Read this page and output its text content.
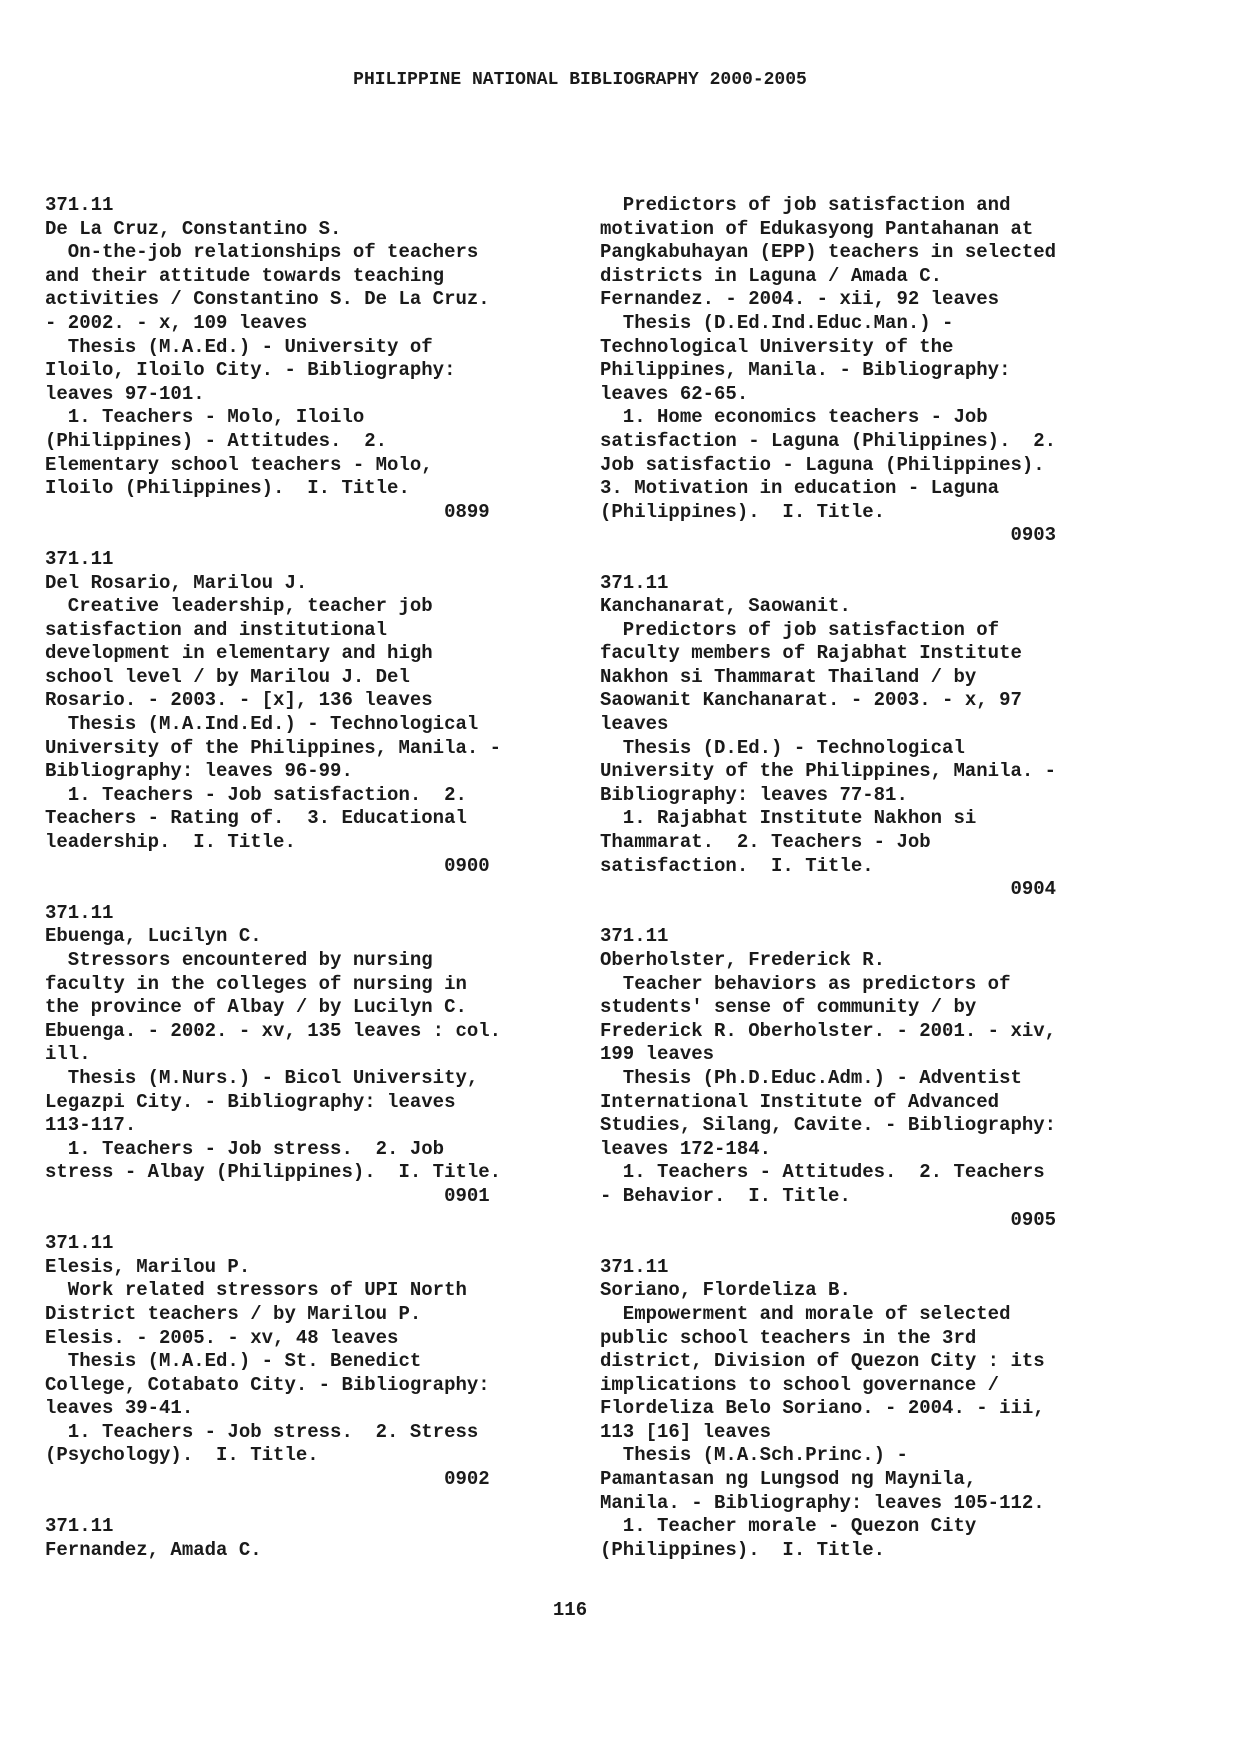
PHILIPPINE NATIONAL BIBLIOGRAPHY 2000-2005
371.11
De La Cruz, Constantino S.
On-the-job relationships of teachers
and their attitude towards teaching
activities / Constantino S. De La Cruz.
- 2002. - x, 109 leaves
Thesis (M.A.Ed.) - University of
Iloilo, Iloilo City. - Bibliography:
leaves 97-101.
1. Teachers - Molo, Iloilo
(Philippines) - Attitudes.  2.
Elementary school teachers - Molo,
Iloilo (Philippines).  I. Title.
0899
371.11
Del Rosario, Marilou J.
Creative leadership, teacher job
satisfaction and institutional
development in elementary and high
school level / by Marilou J. Del
Rosario. - 2003. - [x], 136 leaves
Thesis (M.A.Ind.Ed.) - Technological
University of the Philippines, Manila. -
Bibliography: leaves 96-99.
1. Teachers - Job satisfaction.  2.
Teachers - Rating of.  3. Educational
leadership.  I. Title.
0900
371.11
Ebuenga, Lucilyn C.
Stressors encountered by nursing
faculty in the colleges of nursing in
the province of Albay / by Lucilyn C.
Ebuenga. - 2002. - xv, 135 leaves : col.
ill.
Thesis (M.Nurs.) - Bicol University,
Legazpi City. - Bibliography: leaves
113-117.
1. Teachers - Job stress.  2. Job
stress - Albay (Philippines).  I. Title.
0901
371.11
Elesis, Marilou P.
Work related stressors of UPI North
District teachers / by Marilou P.
Elesis. - 2005. - xv, 48 leaves
Thesis (M.A.Ed.) - St. Benedict
College, Cotabato City. - Bibliography:
leaves 39-41.
1. Teachers - Job stress.  2. Stress
(Psychology).  I. Title.
0902
371.11
Fernandez, Amada C.
Predictors of job satisfaction and
motivation of Edukasyong Pantahanan at
Pangkabuhayan (EPP) teachers in selected
districts in Laguna / Amada C.
Fernandez. - 2004. - xii, 92 leaves
Thesis (D.Ed.Ind.Educ.Man.) -
Technological University of the
Philippines, Manila. - Bibliography:
leaves 62-65.
1. Home economics teachers - Job
satisfaction - Laguna (Philippines).  2.
Job satisfactio - Laguna (Philippines).
3. Motivation in education - Laguna
(Philippines).  I. Title.
0903
371.11
Kanchanarat, Saowanit.
Predictors of job satisfaction of
faculty members of Rajabhat Institute
Nakhon si Thammarat Thailand / by
Saowanit Kanchanarat. - 2003. - x, 97
leaves
Thesis (D.Ed.) - Technological
University of the Philippines, Manila. -
Bibliography: leaves 77-81.
1. Rajabhat Institute Nakhon si
Thammarat.  2. Teachers - Job
satisfaction.  I. Title.
0904
371.11
Oberholster, Frederick R.
Teacher behaviors as predictors of
students' sense of community / by
Frederick R. Oberholster. - 2001. - xiv,
199 leaves
Thesis (Ph.D.Educ.Adm.) - Adventist
International Institute of Advanced
Studies, Silang, Cavite. - Bibliography:
leaves 172-184.
1. Teachers - Attitudes.  2. Teachers
- Behavior.  I. Title.
0905
371.11
Soriano, Flordeliza B.
Empowerment and morale of selected
public school teachers in the 3rd
district, Division of Quezon City : its
implications to school governance /
Flordeliza Belo Soriano. - 2004. - iii,
113 [16] leaves
Thesis (M.A.Sch.Princ.) -
Pamantasan ng Lungsod ng Maynila,
Manila. - Bibliography: leaves 105-112.
1. Teacher morale - Quezon City
(Philippines).  I. Title.
116
